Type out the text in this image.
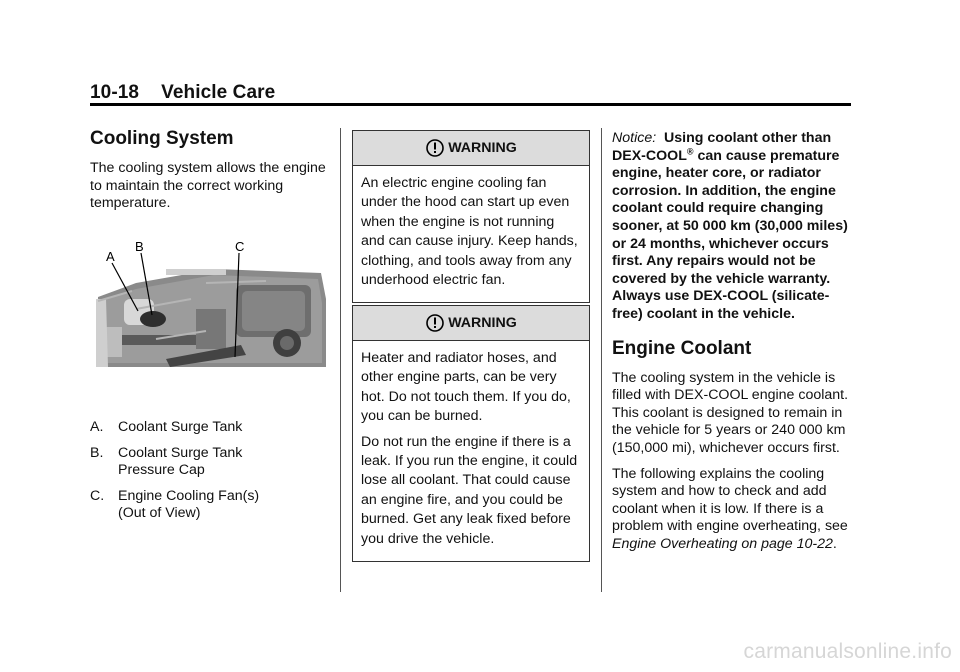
10-18 Vehicle Care
Cooling System

The cooling system allows the engine to maintain the correct working temperature.

A
B	C
A.	Coolant Surge Tank
B.	Coolant Surge Tank Pressure Cap
C. Engine Cooling Fan(s) (Out of View)
WARNING

An electric engine cooling fan under the hood can start up even when the engine is not running and can cause injury. Keep hands, clothing, and tools away from any underhood electric fan.

WARNING

Heater and radiator hoses, and other engine parts, can be very hot. Do not touch them. If you do, you can be burned.

Do not run the engine if there is a leak. If you run the engine, it could lose all coolant. That could cause an engine fire, and you could be burned. Get any leak fixed before you drive the vehicle.

Notice: Using coolant other than DEX-COOL® can cause premature engine, heater core, or radiator corrosion. In addition, the engine coolant could require changing sooner, at 50 000 km (30,000 miles) or 24 months, whichever occurs first. Any repairs would not be covered by the vehicle warranty. Always use DEX-COOL (silicate-free) coolant in the vehicle.

Engine Coolant

The cooling system in the vehicle is filled with DEX-COOL engine coolant. This coolant is designed to remain in the vehicle for 5 years or 240 000 km (150,000 mi), whichever occurs first.

The following explains the cooling system and how to check and add coolant when it is low. If there is a problem with engine overheating, see Engine Overheating on page 10-22.

carmanualsonline.info
